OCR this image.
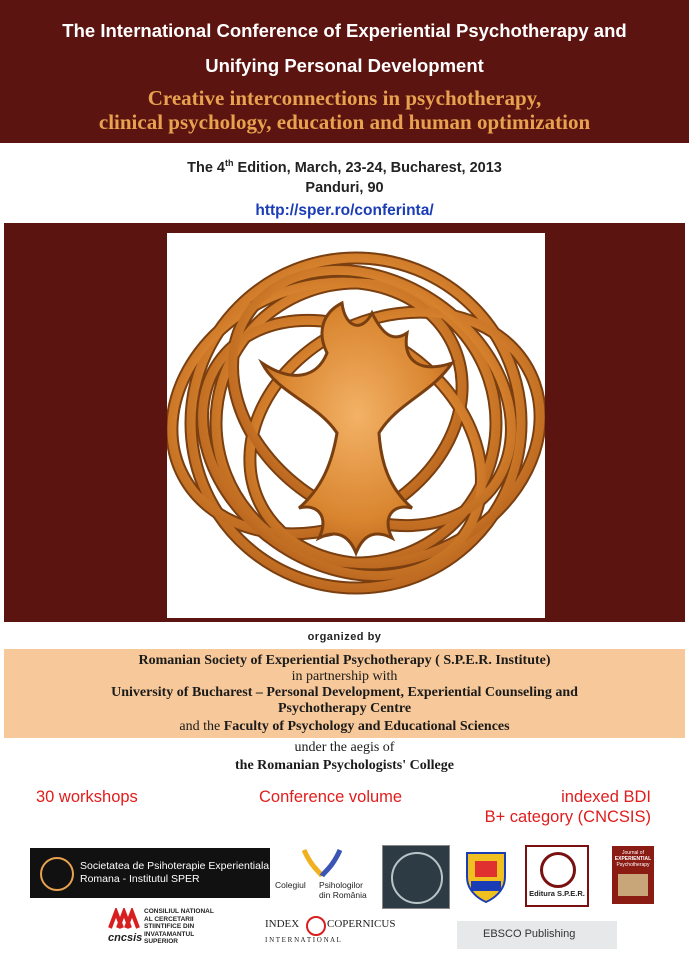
The International Conference of Experiential Psychotherapy and
Unifying Personal Development
Creative interconnections in psychotherapy,
clinical psychology, education and human optimization
The 4th Edition, March, 23-24, Bucharest, 2013
Panduri, 90
http://sper.ro/conferinta/
organized by
Romanian Society of Experiential Psychotherapy ( S.P.E.R. Institute)
in partnership with
University of Bucharest – Personal Development, Experiential Counseling and
Psychotherapy Centre
and the Faculty of Psychology and Educational Sciences
under the aegis of
the Romanian Psychologists' College
30 workshops	Conference volume	indexed BDI
B+ category (CNCSIS)
Societatea de Psihoterapie Experientiala
Romana - Institutul SPER	Colegiul Psihologilor
din România	Editura S.P.E.R.
Journal of
EXPERIENTIAL
Psychotherapy
cncsis
CONSILIUL NATIONAL AL CERCETARII STIINTIFICE DIN INVATAMANTUL SUPERIOR
INDEX	COPERNICUS
I N T E R N A T I O N A L	EBSCO Publishing
